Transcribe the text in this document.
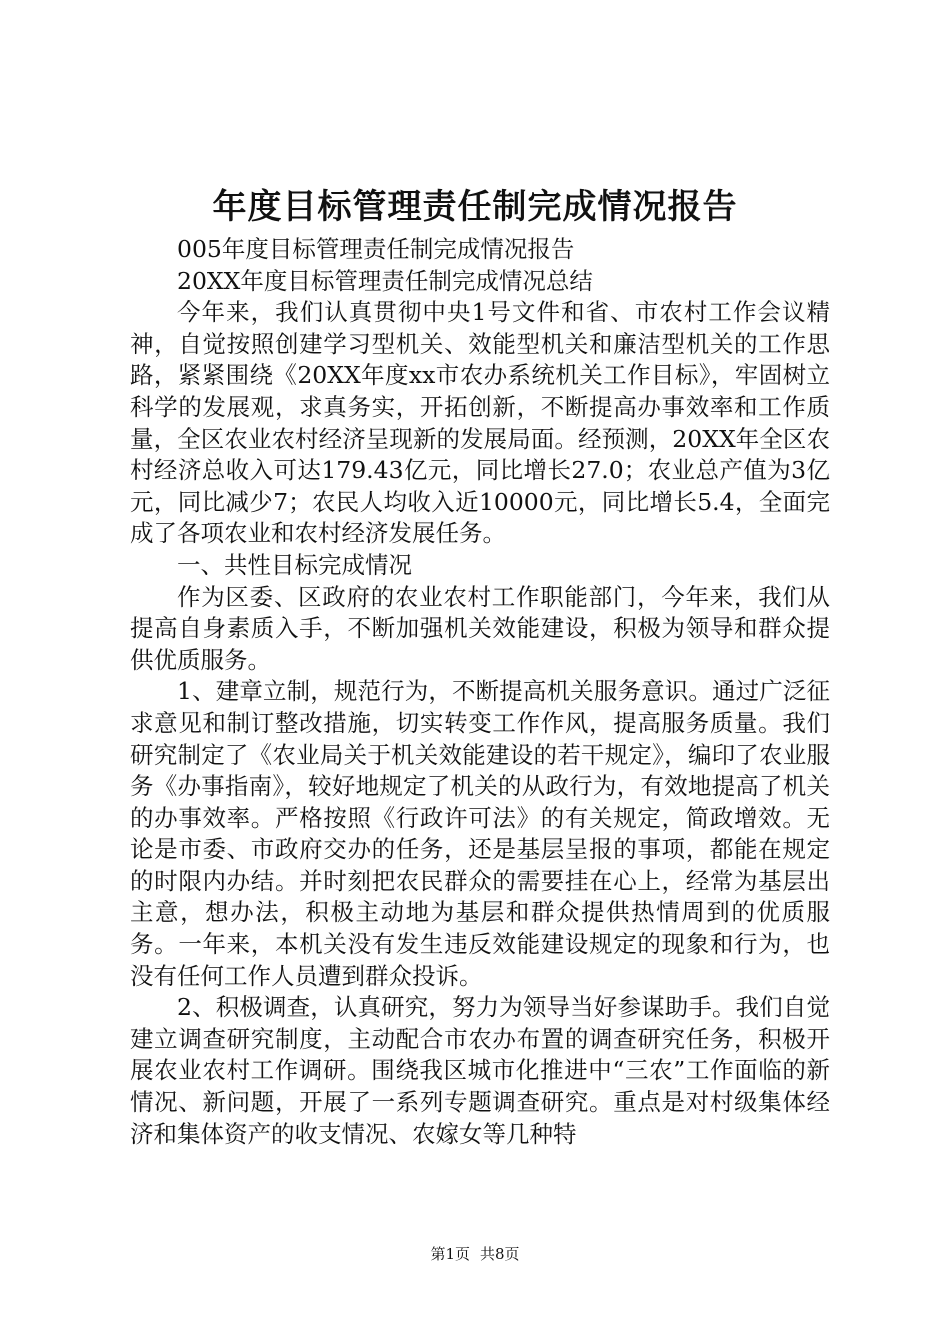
年度目标管理责任制完成情况报告

005年度目标管理责任制完成情况报告

20XX年度目标管理责任制完成情况总结

今年来，我们认真贯彻中央1号文件和省、市农村工作会议精神，自觉按照创建学习型机关、效能型机关和廉洁型机关的工作思路，紧紧围绕《20XX年度xx市农办系统机关工作目标》，牢固树立科学的发展观，求真务实，开拓创新，不断提高办事效率和工作质量，全区农业农村经济呈现新的发展局面。经预测，20XX年全区农村经济总收入可达179.43亿元，同比增长27.0；农业总产值为3亿元，同比减少7；农民人均收入近10000元，同比增长5.4，全面完成了各项农业和农村经济发展任务。

一、共性目标完成情况

作为区委、区政府的农业农村工作职能部门，今年来，我们从提高自身素质入手，不断加强机关效能建设，积极为领导和群众提供优质服务。

1、建章立制，规范行为，不断提高机关服务意识。通过广泛征求意见和制订整改措施，切实转变工作作风，提高服务质量。我们研究制定了《农业局关于机关效能建设的若干规定》，编印了农业服务《办事指南》，较好地规定了机关的从政行为，有效地提高了机关的办事效率。严格按照《行政许可法》的有关规定，简政增效。无论是市委、市政府交办的任务，还是基层呈报的事项，都能在规定的时限内办结。并时刻把农民群众的需要挂在心上，经常为基层出主意，想办法，积极主动地为基层和群众提供热情周到的优质服务。一年来，本机关没有发生违反效能建设规定的现象和行为，也没有任何工作人员遭到群众投诉。

2、积极调查，认真研究，努力为领导当好参谋助手。我们自觉建立调查研究制度，主动配合市农办布置的调查研究任务，积极开展农业农村工作调研。围绕我区城市化推进中“三农”工作面临的新情况、新问题，开展了一系列专题调查研究。重点是对村级集体经济和集体资产的收支情况、农嫁女等几种特

第1页 共8页
